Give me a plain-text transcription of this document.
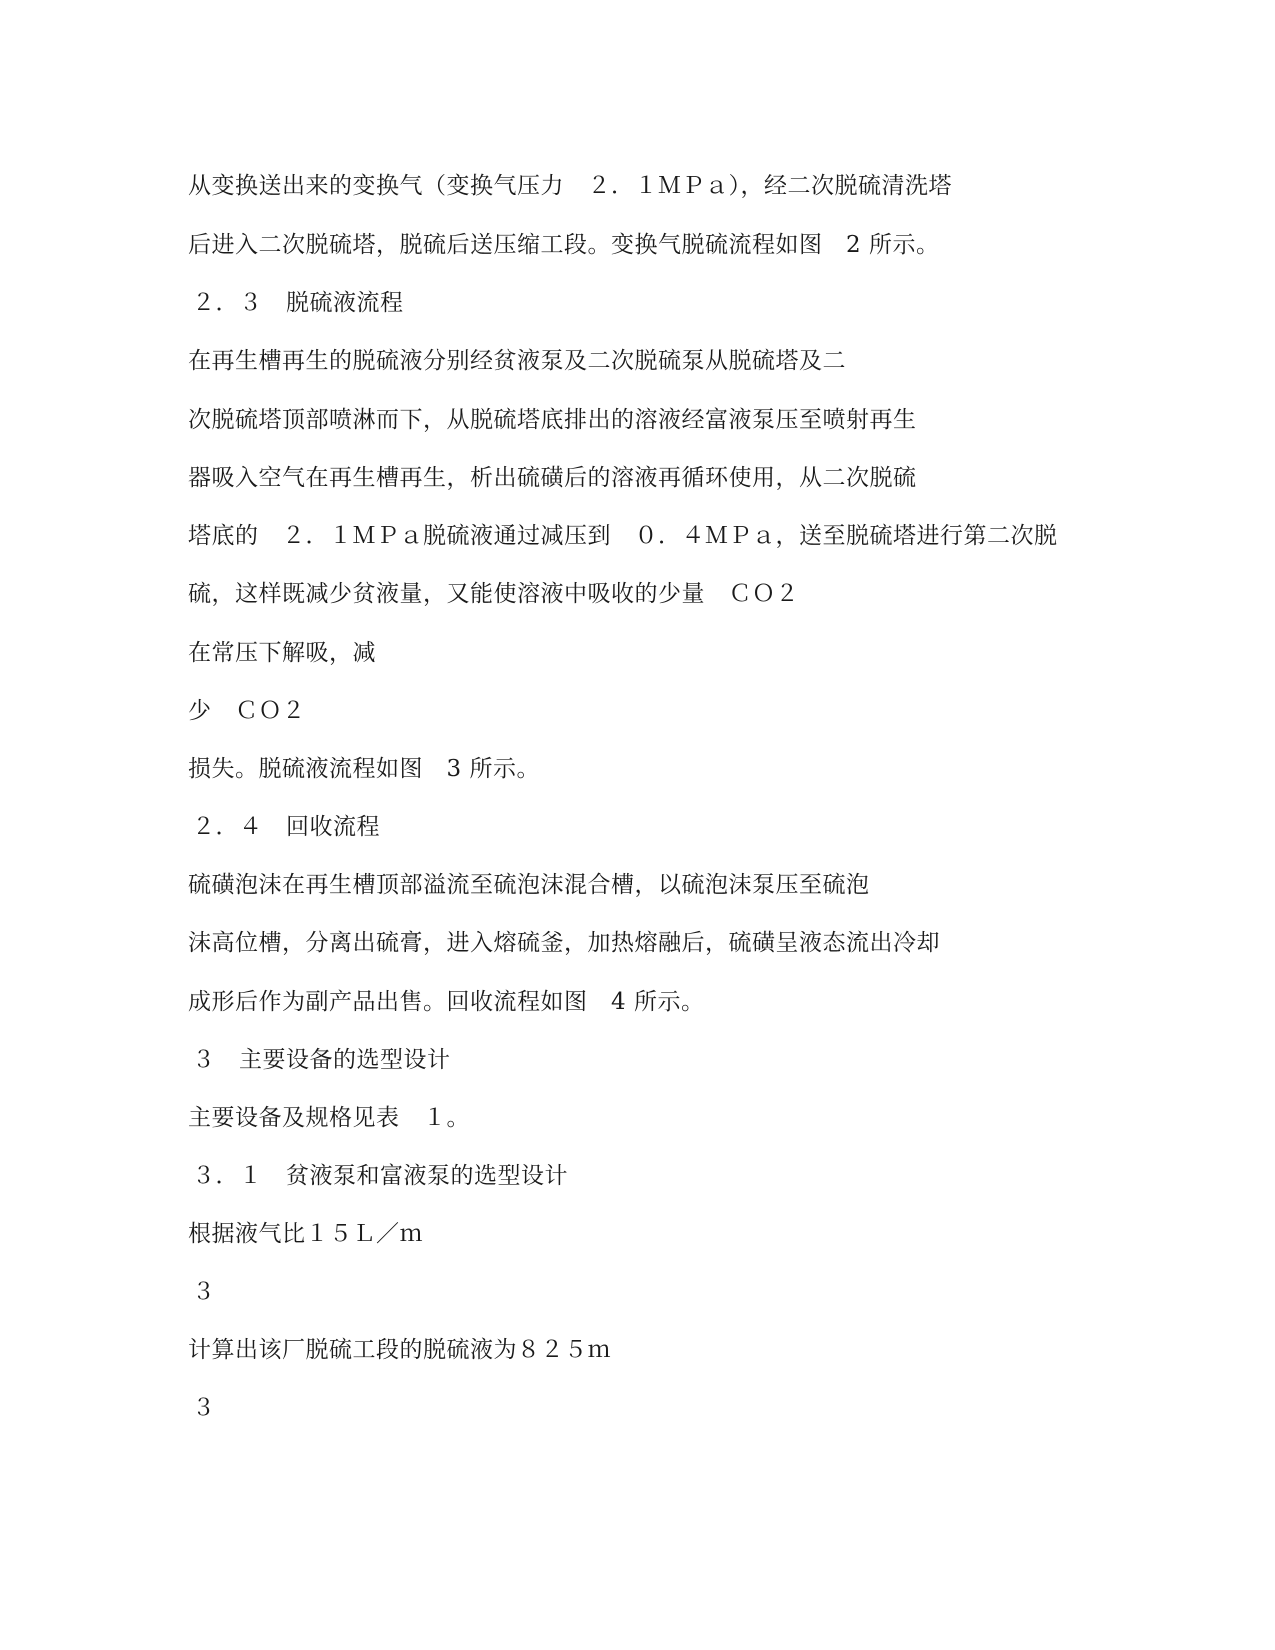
从变换送出来的变换气（变换气压力　２．１ＭＰａ），经二次脱硫清洗塔
后进入二次脱硫塔，脱硫后送压缩工段。变换气脱硫流程如图　2 所示。
２．３　脱硫液流程
在再生槽再生的脱硫液分别经贫液泵及二次脱硫泵从脱硫塔及二
次脱硫塔顶部喷淋而下，从脱硫塔底排出的溶液经富液泵压至喷射再生
器吸入空气在再生槽再生，析出硫磺后的溶液再循环使用，从二次脱硫
塔底的　２．１ＭＰａ脱硫液通过减压到　０．４ＭＰａ，送至脱硫塔进行第二次脱
硫，这样既减少贫液量，又能使溶液中吸收的少量　ＣＯ２
在常压下解吸，减
少　ＣＯ２
损失。脱硫液流程如图　3 所示。
２．４　回收流程
硫磺泡沫在再生槽顶部溢流至硫泡沫混合槽，以硫泡沫泵压至硫泡
沫高位槽，分离出硫膏，进入熔硫釜，加热熔融后，硫磺呈液态流出冷却
成形后作为副产品出售。回收流程如图　4 所示。
３　主要设备的选型设计
主要设备及规格见表　１。
３．１　贫液泵和富液泵的选型设计
根据液气比１５Ｌ／ｍ
３
计算出该厂脱硫工段的脱硫液为８２５ｍ
３
